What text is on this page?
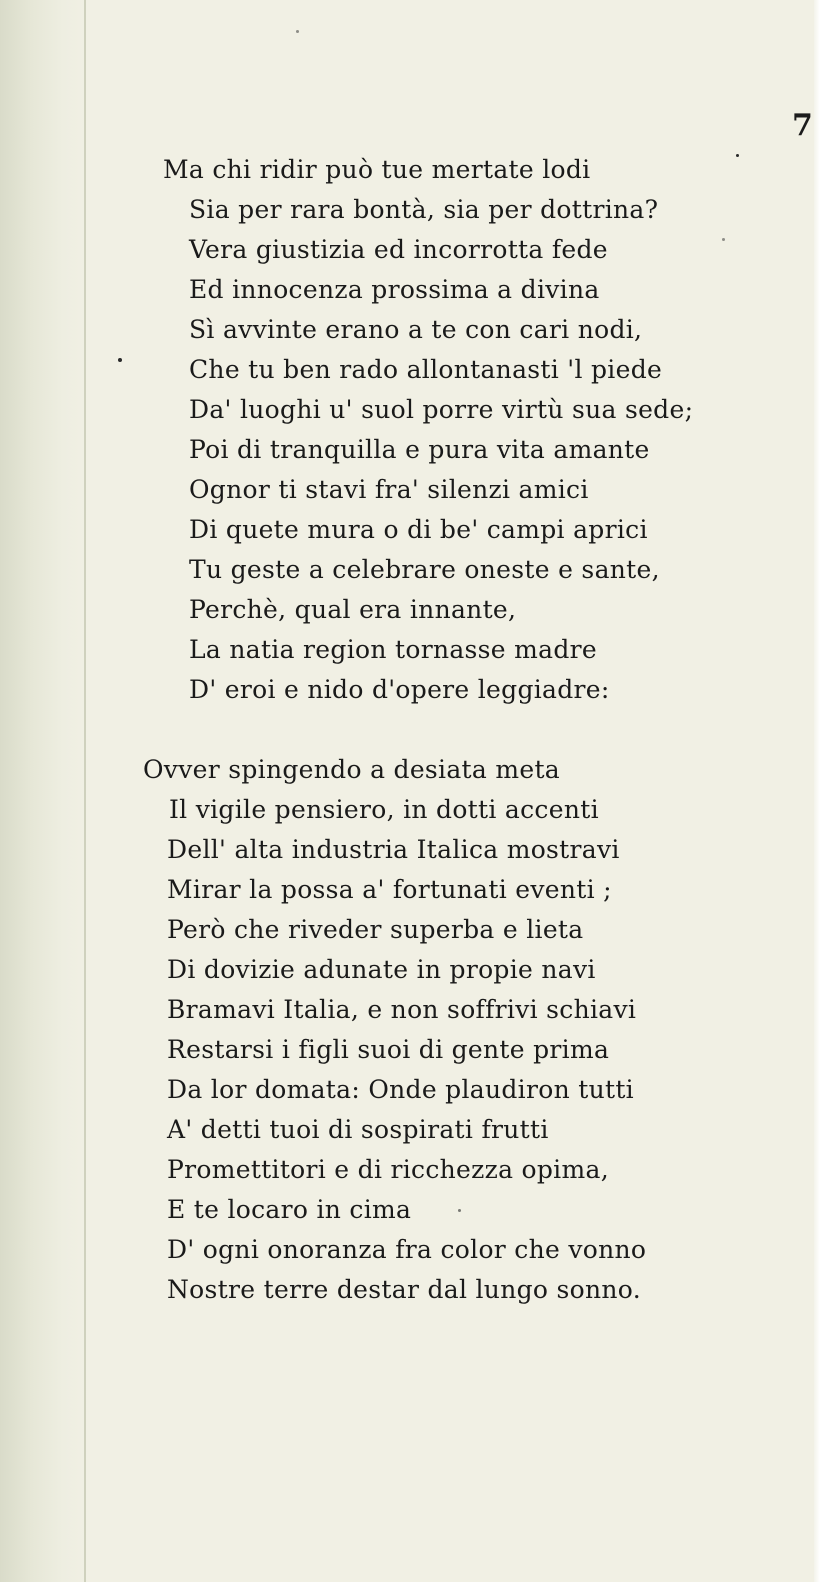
7
Ma chi ridir può tue mertate lodi
Sia per rara bontà, sia per dottrina?
Vera giustizia ed incorrotta fede
Ed innocenza prossima a divina
Sì avvinte erano a te con cari nodi,
Che tu ben rado allontanasti 'l piede
Da' luoghi u' suol porre virtù sua sede;
Poi di tranquilla e pura vita amante
Ognor ti stavi fra' silenzi amici
Di quete mura o di be' campi aprici
Tu geste a celebrare oneste e sante,
Perchè, qual era innante,
La natia region tornasse madre
D' eroi e nido d'opere leggiadre:
Ovver spingendo a desiata meta
Il vigile pensiero, in dotti accenti
Dell' alta industria Italica mostravi
Mirar la possa a' fortunati eventi ;
Però che riveder superba e lieta
Di dovizie adunate in propie navi
Bramavi Italia, e non soffrivi schiavi
Restarsi i figli suoi di gente prima
Da lor domata: Onde plaudiron tutti
A' detti tuoi di sospirati frutti
Promettitori e di ricchezza opima,
E te locaro in cima
D' ogni onoranza fra color che vonno
Nostre terre destar dal lungo sonno.
